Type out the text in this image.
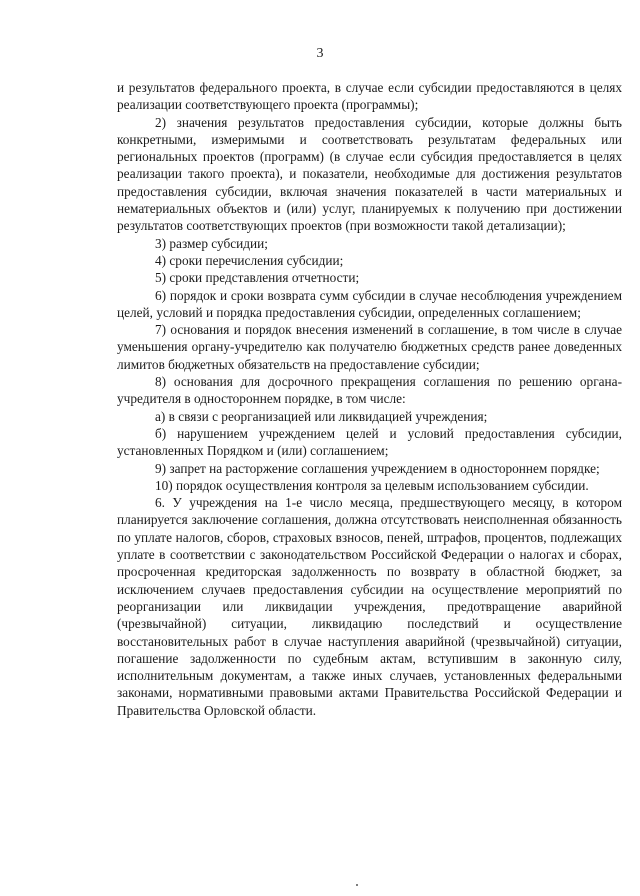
3

и результатов федерального проекта, в случае если субсидии предоставляются в целях реализации соответствующего проекта (программы);

2) значения результатов предоставления субсидии, которые должны быть конкретными, измеримыми и соответствовать результатам федеральных или региональных проектов (программ) (в случае если субсидия предоставляется в целях реализации такого проекта), и показатели, необходимые для достижения результатов предоставления субсидии, включая значения показателей в части материальных и нематериальных объектов и (или) услуг, планируемых к получению при достижении результатов соответствующих проектов (при возможности такой детализации);

3) размер субсидии;

4) сроки перечисления субсидии;

5) сроки представления отчетности;

6) порядок и сроки возврата сумм субсидии в случае несоблюдения учреждением целей, условий и порядка предоставления субсидии, определенных соглашением;

7) основания и порядок внесения изменений в соглашение, в том числе в случае уменьшения органу-учредителю как получателю бюджетных средств ранее доведенных лимитов бюджетных обязательств на предоставление субсидии;

8) основания для досрочного прекращения соглашения по решению органа-учредителя в одностороннем порядке, в том числе:

а) в связи с реорганизацией или ликвидацией учреждения;

б) нарушением учреждением целей и условий предоставления субсидии, установленных Порядком и (или) соглашением;

9) запрет на расторжение соглашения учреждением в одностороннем порядке;

10) порядок осуществления контроля за целевым использованием субсидии.

6. У учреждения на 1-е число месяца, предшествующего месяцу, в котором планируется заключение соглашения, должна отсутствовать неисполненная обязанность по уплате налогов, сборов, страховых взносов, пеней, штрафов, процентов, подлежащих уплате в соответствии с законодательством Российской Федерации о налогах и сборах, просроченная кредиторская задолженность по возврату в областной бюджет, за исключением случаев предоставления субсидии на осуществление мероприятий по реорганизации или ликвидации учреждения, предотвращение аварийной (чрезвычайной) ситуации, ликвидацию последствий и осуществление восстановительных работ в случае наступления аварийной (чрезвычайной) ситуации, погашение задолженности по судебным актам, вступившим в законную силу, исполнительным документам, а также иных случаев, установленных федеральными законами, нормативными правовыми актами Правительства Российской Федерации и Правительства Орловской области.
